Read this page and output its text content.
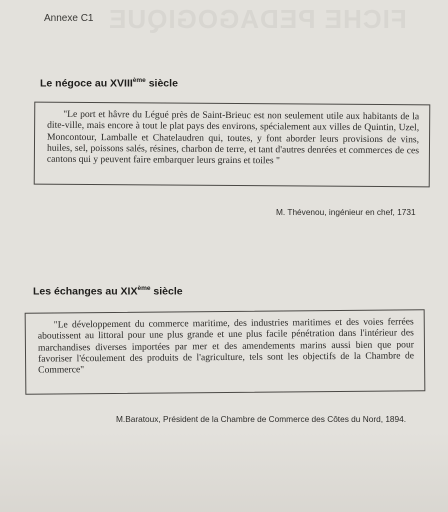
FICHE PEDAGOGIQUE
Annexe C1
Le négoce au XVIIIème siècle
"Le port et hâvre du Légué près de Saint-Brieuc est non seulement utile aux habitants de la dite-ville, mais encore à tout le plat pays des environs, spécialement aux villes de Quintin, Uzel, Moncontour, Lamballe et Chatelaudren qui, toutes, y font aborder leurs provisions de vins, huiles, sel, poissons salés, résines, charbon de terre, et tant d'autres denrées et commerces de ces cantons qui y peuvent faire embarquer leurs grains et toiles "
M. Thévenou, ingénieur en chef, 1731
Les échanges au XIXème siècle
"Le développement du commerce maritime, des industries maritimes et des voies ferrées aboutissent au littoral pour une plus grande et une plus facile pénétration dans l'intérieur des marchandises diverses importées par mer et des amendements marins aussi bien que pour favoriser l'écoulement des produits de l'agriculture, tels sont les objectifs de la Chambre de Commerce"
M.Baratoux, Président de la Chambre de Commerce des Côtes du Nord, 1894.
